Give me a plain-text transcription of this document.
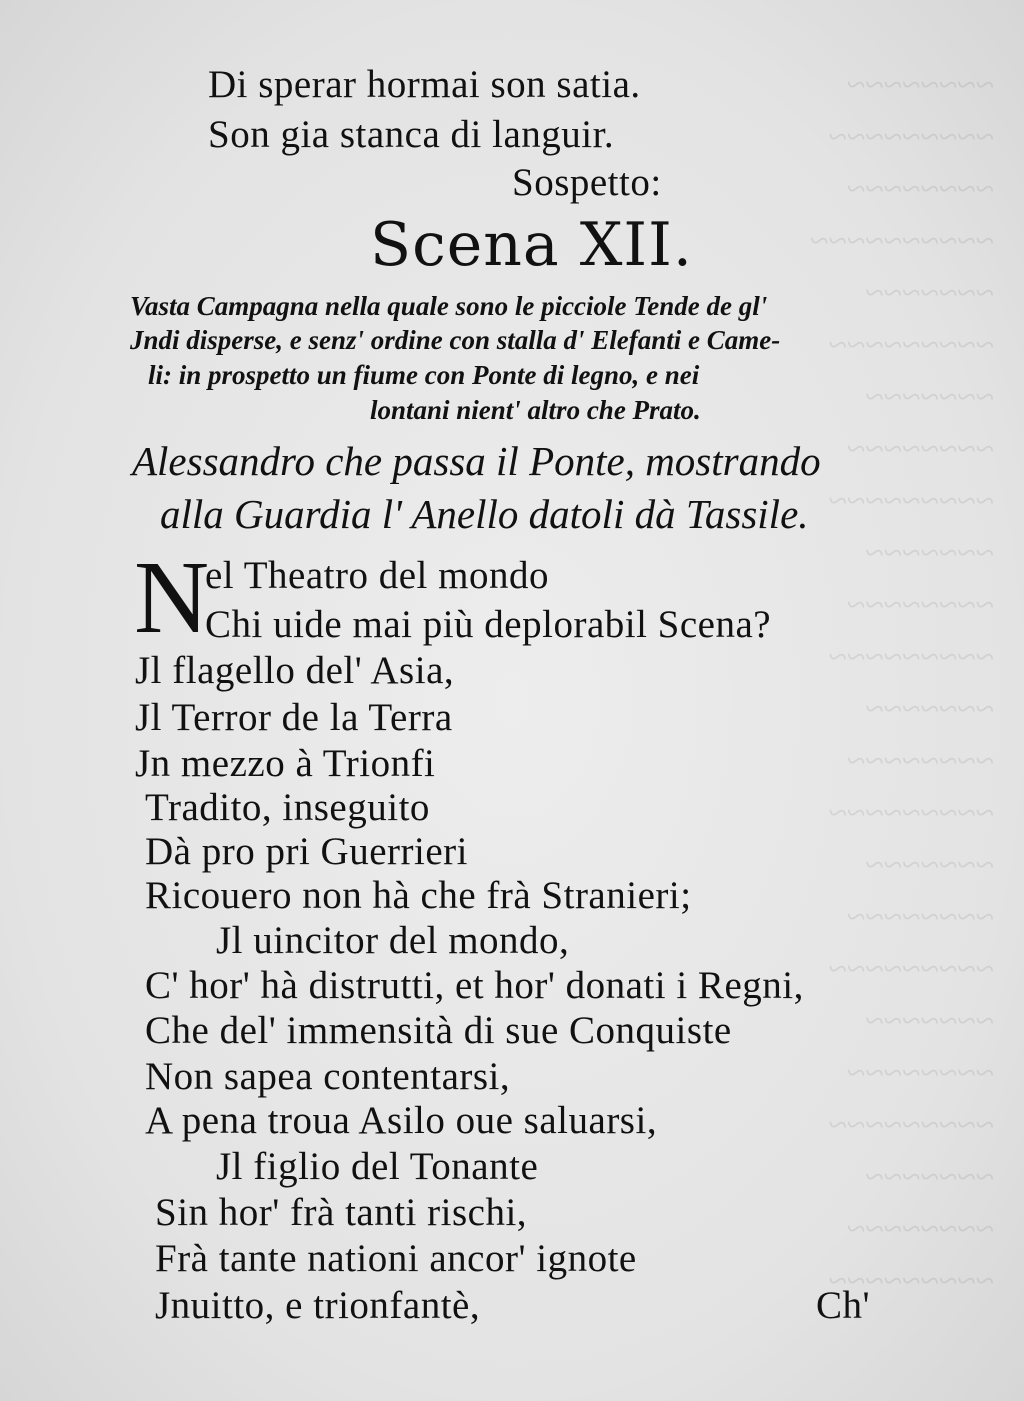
~~~~~~~~
~~~~~~~~~
~~~~~~~~
~~~~~~~~~~
~~~~~~~
~~~~~~~~~
~~~~~~~
~~~~~~~~
~~~~~~~~~
~~~~~~~
~~~~~~~~
~~~~~~~~~
~~~~~~~
~~~~~~~~
~~~~~~~~~
~~~~~~~
~~~~~~~~
~~~~~~~~~
~~~~~~~
~~~~~~~~
~~~~~~~~~
~~~~~~~
~~~~~~~~
~~~~~~~~~
Di sperar hormai son satia.
Son gia stanca di languir.
Sospetto:
Scena XII.
Vasta Campagna nella quale sono le picciole Tende de gl'
Jndi disperse, e senz' ordine con stalla d' Elefanti e Came-
li: in prospetto un fiume con Ponte di legno, e nei
lontani nient' altro che Prato.
Alessandro che passa il Ponte, mostrando
alla Guardia l' Anello datoli dà Tassile.
N
el Theatro del mondo
Chi uide mai più deplorabil Scena?
Jl flagello del' Asia,
Jl Terror de la Terra
Jn mezzo à Trionfi
Tradito, inseguito
Dà pro pri Guerrieri
Ricouero non hà che frà Stranieri;
Jl uincitor del mondo,
C' hor' hà distrutti, et hor' donati i Regni,
Che del' immensità di sue Conquiste
Non sapea contentarsi,
A pena troua Asilo oue saluarsi,
Jl figlio del Tonante
Sin hor' frà tanti rischi,
Frà tante nationi ancor' ignote
Jnuitto, e trionfantè,	Ch'
